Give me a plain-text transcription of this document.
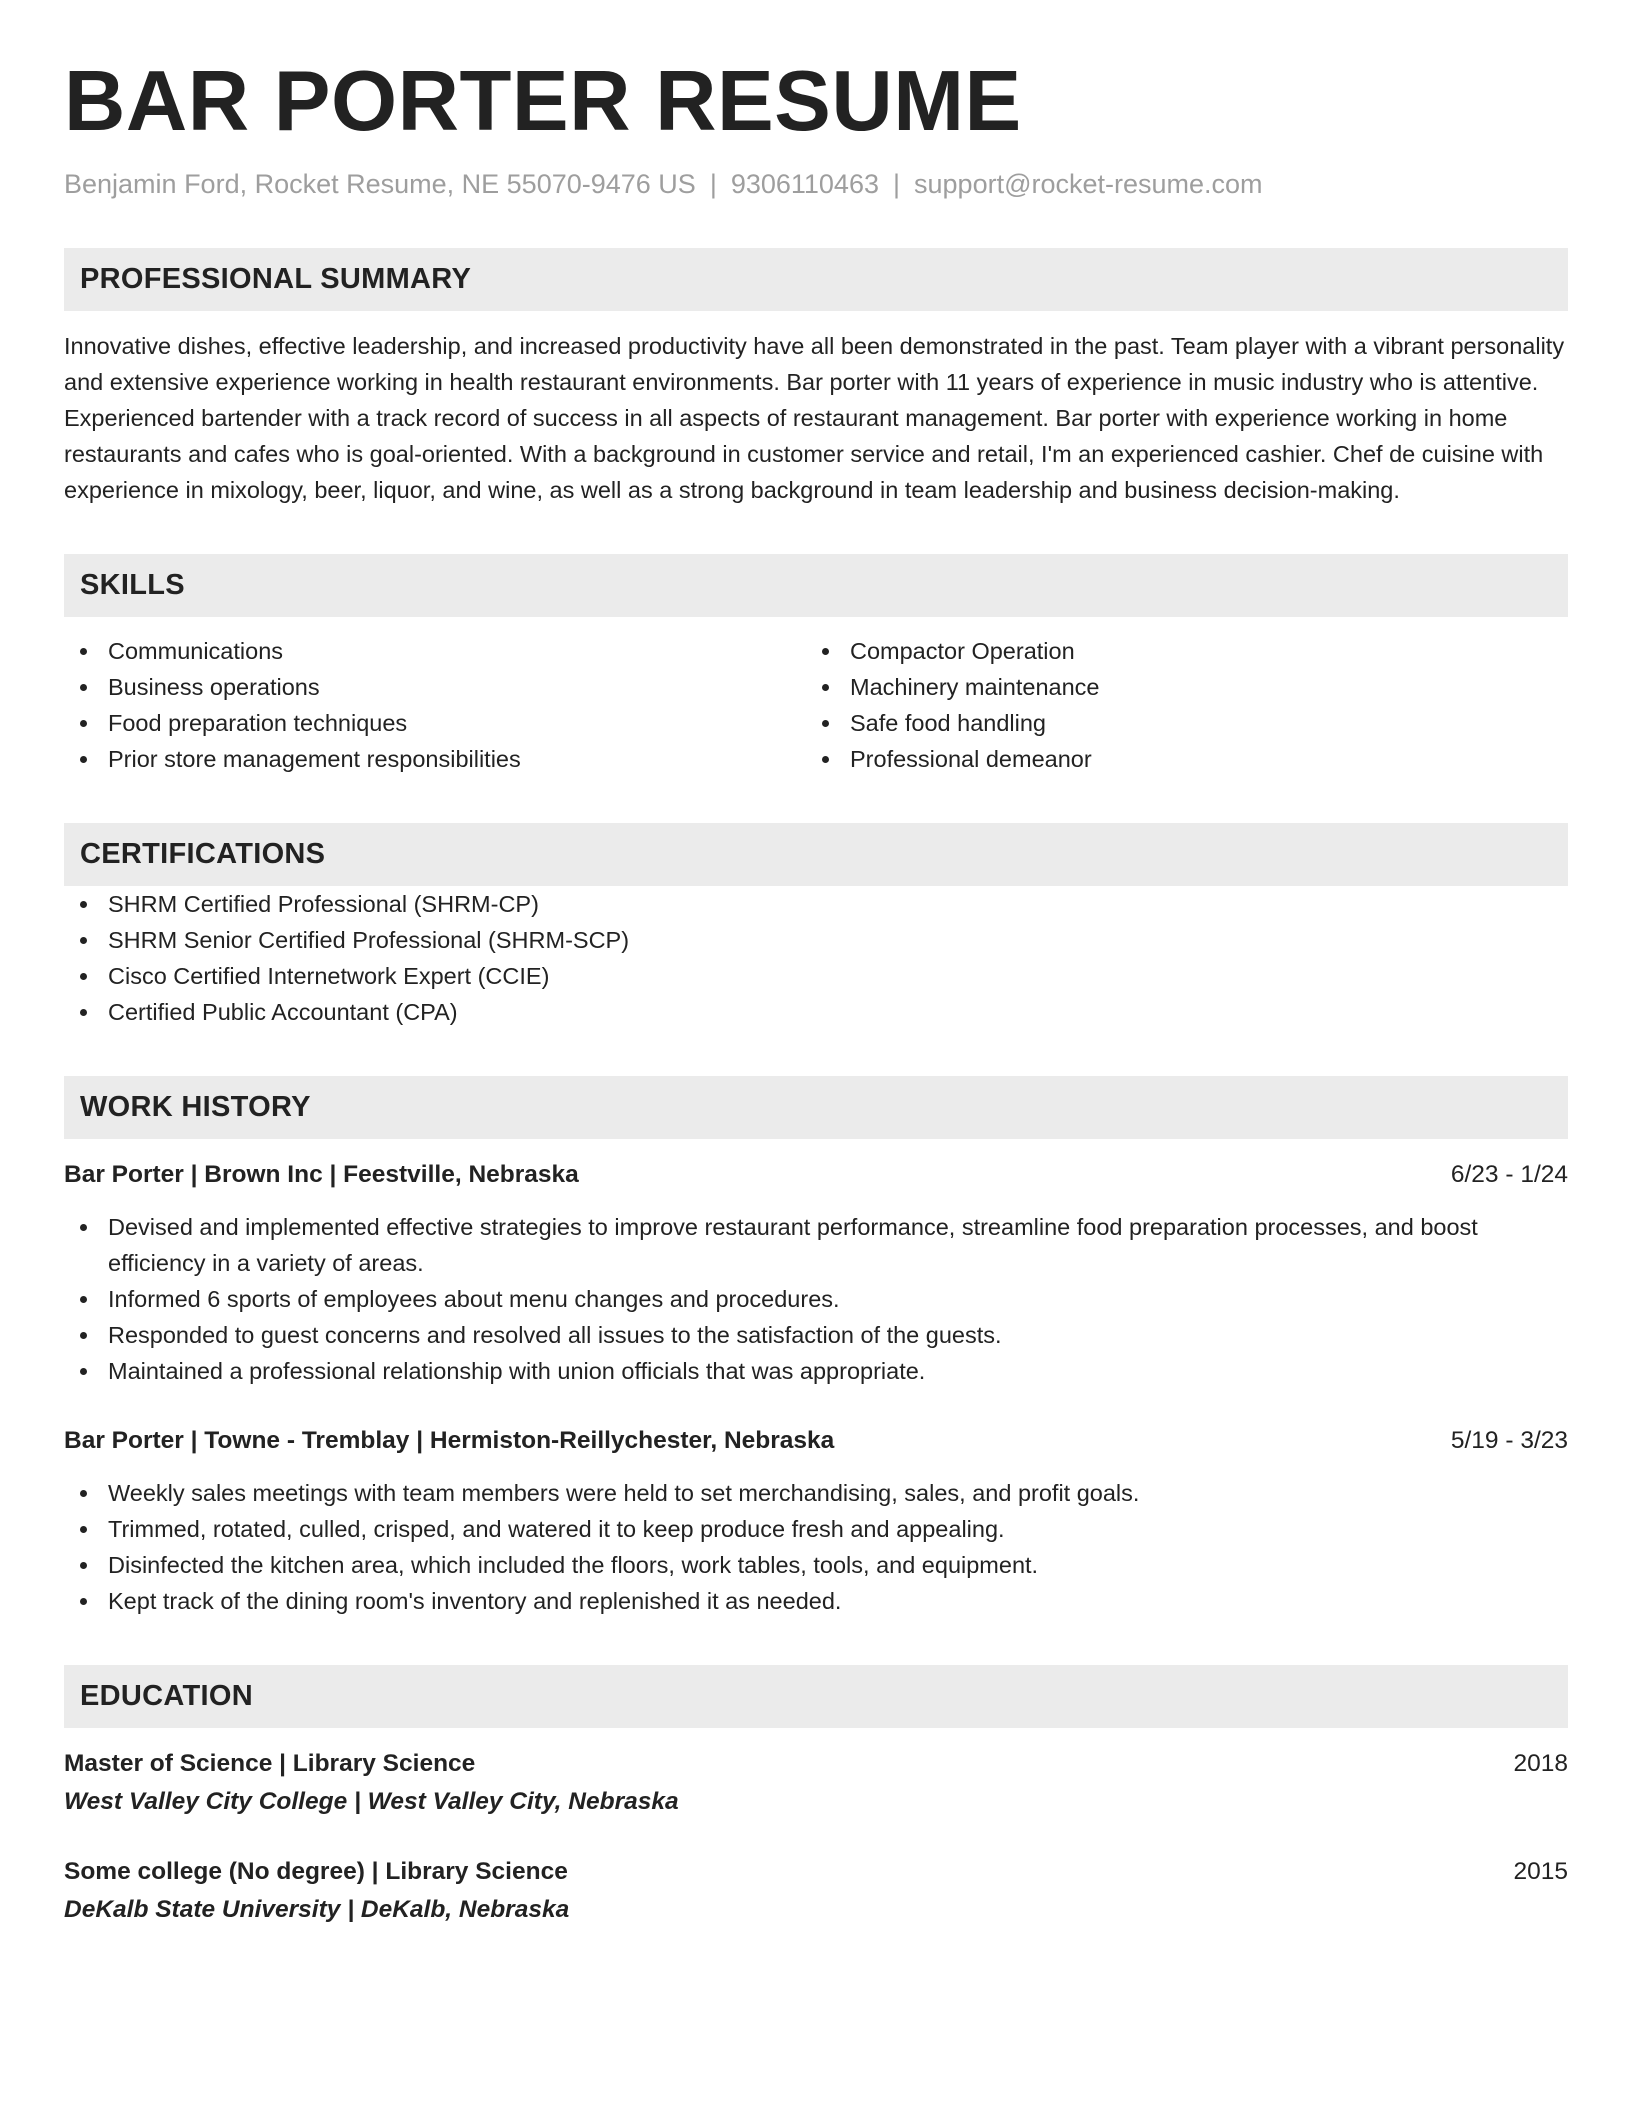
BAR PORTER RESUME
Benjamin Ford, Rocket Resume, NE 55070-9476 US | 9306110463 | support@rocket-resume.com
PROFESSIONAL SUMMARY

Innovative dishes, effective leadership, and increased productivity have all been demonstrated in the past. Team player with a vibrant personality and extensive experience working in health restaurant environments. Bar porter with 11 years of experience in music industry who is attentive. Experienced bartender with a track record of success in all aspects of restaurant management. Bar porter with experience working in home restaurants and cafes who is goal-oriented. With a background in customer service and retail, I'm an experienced cashier. Chef de cuisine with experience in mixology, beer, liquor, and wine, as well as a strong background in team leadership and business decision-making.

SKILLS
Communications
Business operations
Food preparation techniques
Prior store management responsibilities
Compactor Operation
Machinery maintenance
Safe food handling
Professional demeanor
CERTIFICATIONS
SHRM Certified Professional (SHRM-CP)
SHRM Senior Certified Professional (SHRM-SCP)
Cisco Certified Internetwork Expert (CCIE)
Certified Public Accountant (CPA)
WORK HISTORY
Bar Porter | Brown Inc | Feestville, Nebraska	6/23 - 1/24
Devised and implemented effective strategies to improve restaurant performance, streamline food preparation processes, and boost efficiency in a variety of areas.
Informed 6 sports of employees about menu changes and procedures.
Responded to guest concerns and resolved all issues to the satisfaction of the guests.
Maintained a professional relationship with union officials that was appropriate.
Bar Porter | Towne - Tremblay | Hermiston-Reillychester, Nebraska	5/19 - 3/23
Weekly sales meetings with team members were held to set merchandising, sales, and profit goals.
Trimmed, rotated, culled, crisped, and watered it to keep produce fresh and appealing.
Disinfected the kitchen area, which included the floors, work tables, tools, and equipment.
Kept track of the dining room's inventory and replenished it as needed.
EDUCATION
Master of Science | Library Science	2018
West Valley City College | West Valley City, Nebraska
Some college (No degree) | Library Science	2015
DeKalb State University | DeKalb, Nebraska
